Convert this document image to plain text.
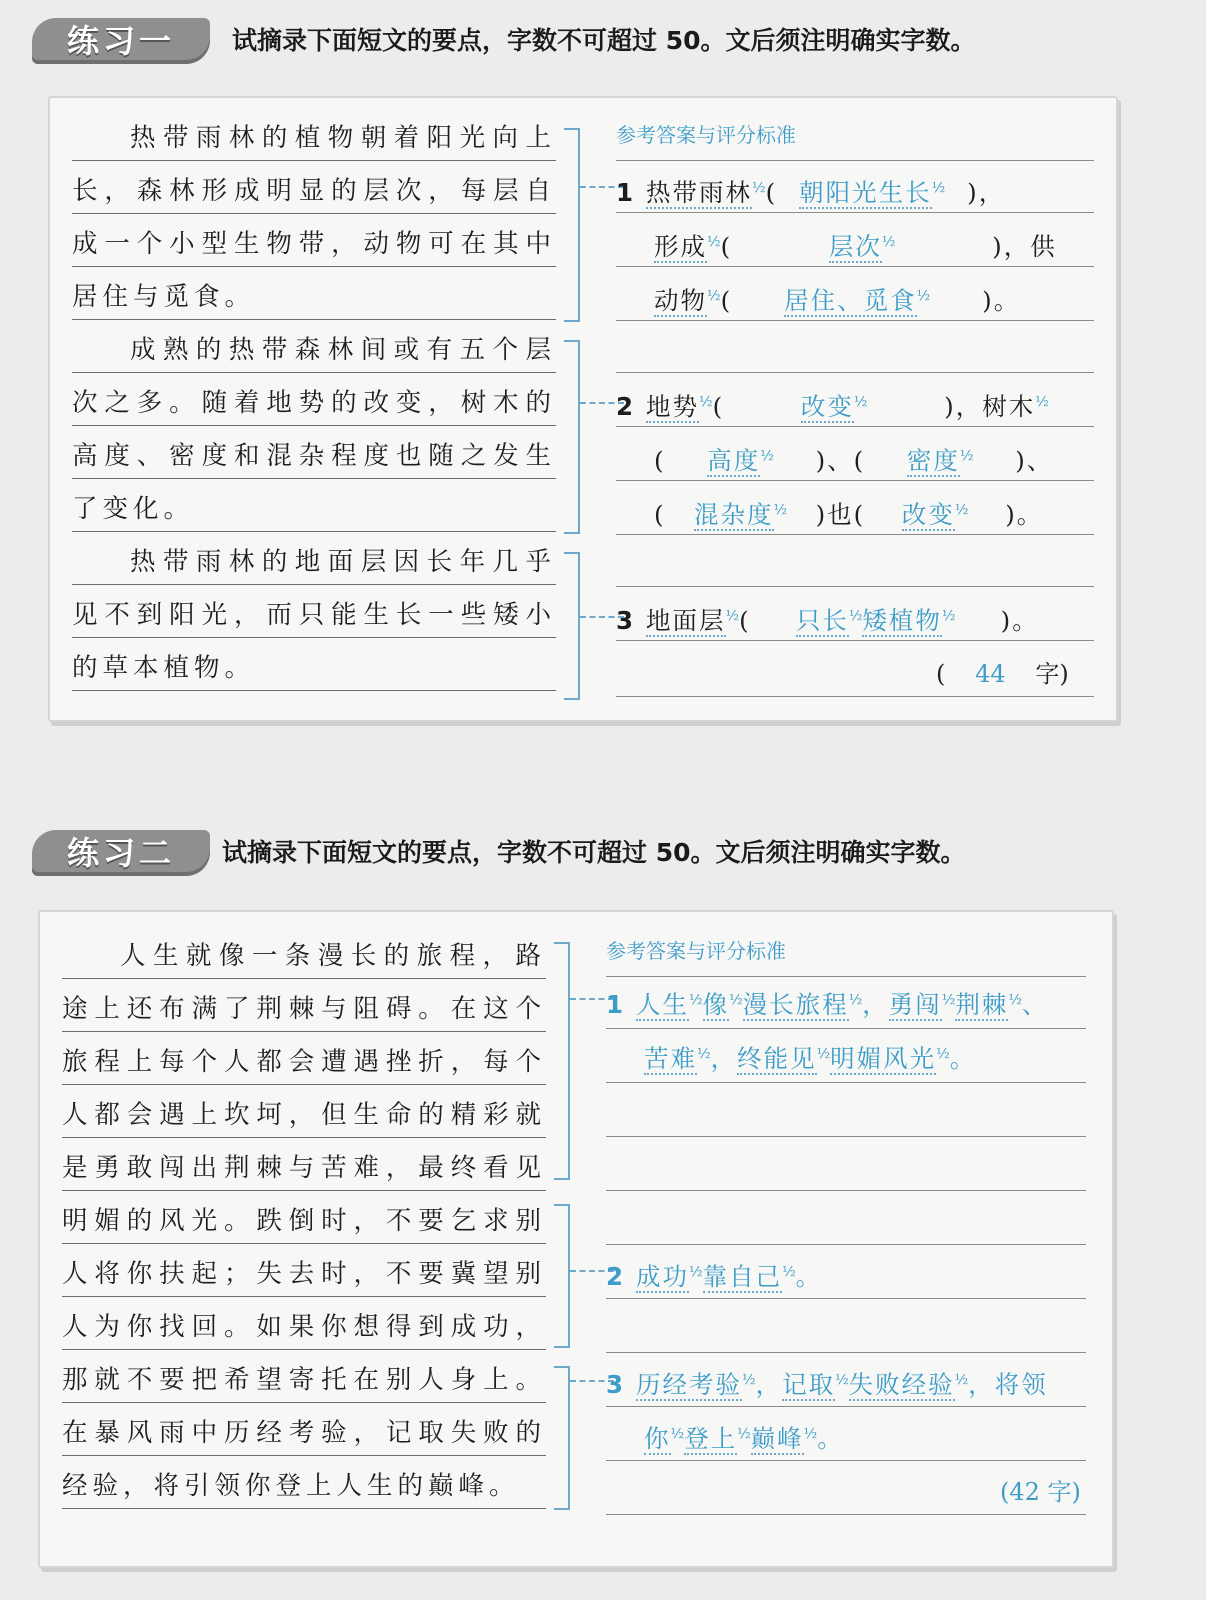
练习一	试摘录下面短文的要点，字数不可超过 50。文后须注明确实字数。
热带雨林的植物朝着阳光向上长，森林形成明显的层次，每层自成一个小型生物带，动物可在其中居住与觅食。
成熟的热带森林间或有五个层次之多。随着地势的改变，树木的高度、密度和混杂程度也随之发生了变化。
热带雨林的地面层因长年几乎见不到阳光，而只能生长一些矮小的草本植物。
参考答案与评分标准
1 热带雨林$^{\frac{1}{2}}$( 朝阳光生长$^{\frac{1}{2}}$ )，
形成$^{\frac{1}{2}}$(	层次$^{\frac{1}{2}}$	)，供
动物$^{\frac{1}{2}}$( 居住、觅食$^{\frac{1}{2}}$ )。
2 地势$^{\frac{1}{2}}$(	改变$^{\frac{1}{2}}$	)，树木$^{\frac{1}{2}}$
( 高度$^{\frac{1}{2}}$ )、( 密度$^{\frac{1}{2}}$ )、
( 混杂度$^{\frac{1}{2}}$ )也( 改变$^{\frac{1}{2}}$ )。
3 地面层$^{\frac{1}{2}}$( 只长$^{\frac{1}{2}}$矮植物$^{\frac{1}{2}}$ )。
( 44 字)
练习二	试摘录下面短文的要点，字数不可超过 50。文后须注明确实字数。
人生就像一条漫长的旅程，路途上还布满了荆棘与阻碍。在这个旅程上每个人都会遭遇挫折，每个人都会遇上坎坷，但生命的精彩就是勇敢闯出荆棘与苦难，最终看见明媚的风光。跌倒时，不要乞求别人将你扶起；失去时，不要冀望别人为你找回。如果你想得到成功，那就不要把希望寄托在别人身上。在暴风雨中历经考验，记取失败的经验，将引领你登上人生的巅峰。
参考答案与评分标准
1 人生$^{\frac{1}{2}}$像$^{\frac{1}{2}}$漫长旅程$^{\frac{1}{2}}$，勇闯$^{\frac{1}{2}}$荆棘$^{\frac{1}{2}}$、
苦难$^{\frac{1}{2}}$，终能见$^{\frac{1}{2}}$明媚风光$^{\frac{1}{2}}$。
2 成功$^{\frac{1}{2}}$靠自己$^{\frac{1}{2}}$。
3 历经考验$^{\frac{1}{2}}$，记取$^{\frac{1}{2}}$失败经验$^{\frac{1}{2}}$，将领
你$^{\frac{1}{2}}$登上$^{\frac{1}{2}}$巅峰$^{\frac{1}{2}}$。
(42 字)
